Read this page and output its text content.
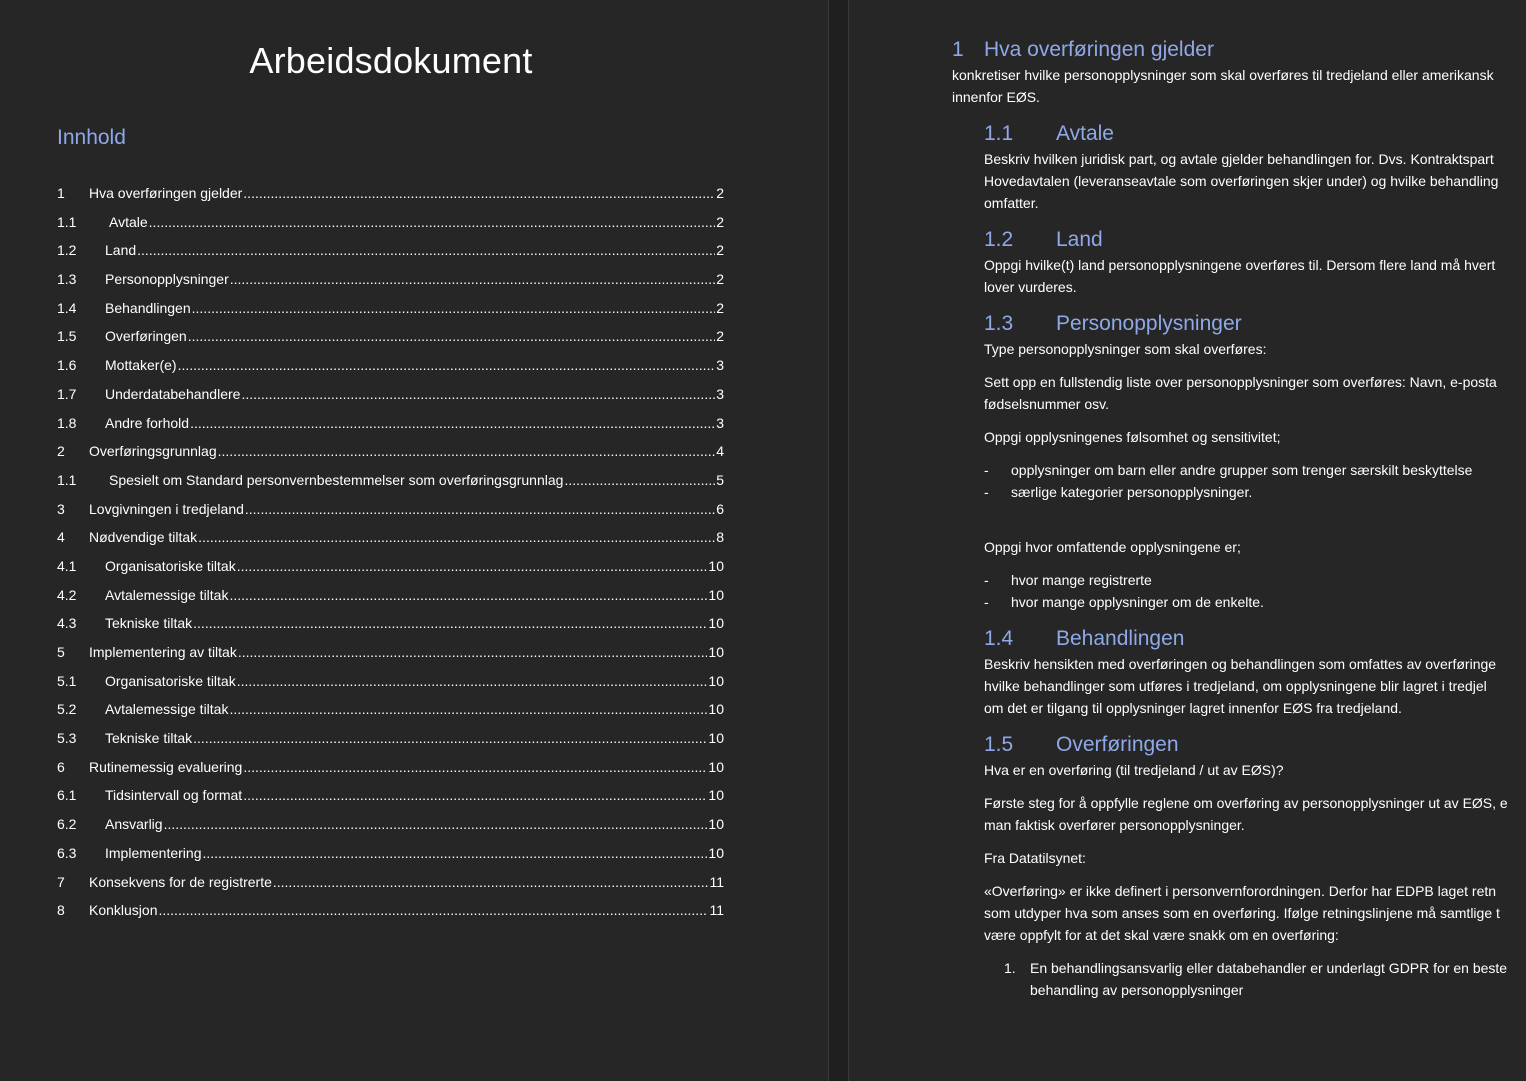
Arbeidsdokument
Innhold
1	Hva overføringen gjelder .....	2
1.1	Avtale .....	2
1.2	Land .....	2
1.3	Personopplysninger .....	2
1.4	Behandlingen .....	2
1.5	Overføringen .....	2
1.6	Mottaker(e) .....	3
1.7	Underdatabehandlere .....	3
1.8	Andre forhold .....	3
2	Overføringsgrunnlag .....	4
1.1	Spesielt om Standard personvernbestemmelser som overføringsgrunnlag .....	5
3	Lovgivningen i tredjeland .....	6
4	Nødvendige tiltak .....	8
4.1	Organisatoriske tiltak .....	10
4.2	Avtalemessige tiltak .....	10
4.3	Tekniske tiltak .....	10
5	Implementering av tiltak .....	10
5.1	Organisatoriske tiltak .....	10
5.2	Avtalemessige tiltak .....	10
5.3	Tekniske tiltak .....	10
6	Rutinemessig evaluering .....	10
6.1	Tidsintervall og format .....	10
6.2	Ansvarlig .....	10
6.3	Implementering .....	10
7	Konsekvens for de registrerte .....	11
8	Konklusjon .....	11
1 Hva overføringen gjelder

konkretiser hvilke personopplysninger som skal overføres til tredjeland eller amerikansk

innenfor EØS.

1.1 Avtale

Beskriv hvilken juridisk part, og avtale gjelder behandlingen for. Dvs. Kontraktspart

Hovedavtalen (leveranseavtale som overføringen skjer under) og hvilke behandling

omfatter.

1.2 Land

Oppgi hvilke(t) land personopplysningene overføres til. Dersom flere land må hvert

lover vurderes.

1.3 Personopplysninger

Type personopplysninger som skal overføres:

Sett opp en fullstendig liste over personopplysninger som overføres: Navn, e-posta

fødselsnummer osv.

Oppgi opplysningenes følsomhet og sensitivitet;

-	opplysninger om barn eller andre grupper som trenger særskilt beskyttelse
-	særlige kategorier personopplysninger.

Oppgi hvor omfattende opplysningene er;

-	hvor mange registrerte
-	hvor mange opplysninger om de enkelte.
1.4 Behandlingen

Beskriv hensikten med overføringen og behandlingen som omfattes av overføringe

hvilke behandlinger som utføres i tredjeland, om opplysningene blir lagret i tredjel

om det er tilgang til opplysninger lagret innenfor EØS fra tredjeland.

1.5 Overføringen

Hva er en overføring (til tredjeland / ut av EØS)?

Første steg for å oppfylle reglene om overføring av personopplysninger ut av EØS, e

man faktisk overfører personopplysninger.

Fra Datatilsynet:

«Overføring» er ikke definert i personvernforordningen. Derfor har EDPB laget retn

som utdyper hva som anses som en overføring. Ifølge retningslinjene må samtlige t

være oppfylt for at det skal være snakk om en overføring:

1.	En behandlingsansvarlig eller databehandler er underlagt GDPR for en beste
behandling av personopplysninger
